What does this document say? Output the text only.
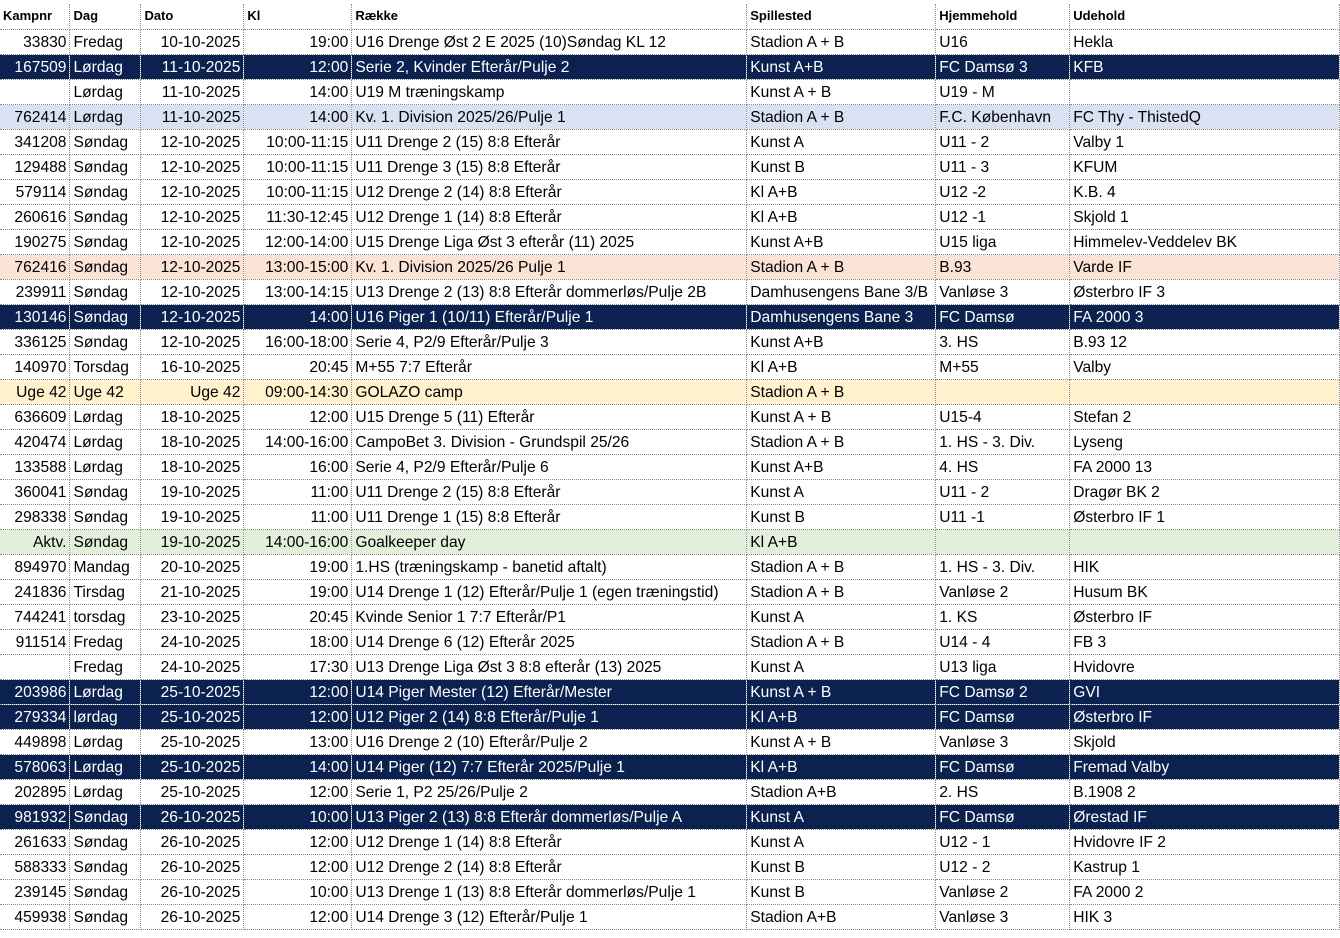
Kampnr	Dag	Dato	Kl	Række	Spillested	Hjemmehold	Udehold
33830	Fredag	10-10-2025	19:00	U16 Drenge Øst 2 E 2025 (10)Søndag KL 12	Stadion A + B	U16	Hekla
167509	Lørdag	11-10-2025	12:00	Serie 2, Kvinder Efterår/Pulje 2	Kunst A+B	FC Damsø 3	KFB
	Lørdag	11-10-2025	14:00	U19 M træningskamp	Kunst A + B	U19 - M	
762414	Lørdag	11-10-2025	14:00	Kv. 1. Division 2025/26/Pulje 1	Stadion A + B	F.C. København	FC Thy - ThistedQ
341208	Søndag	12-10-2025	10:00-11:15	U11 Drenge 2 (15) 8:8 Efterår	Kunst A	U11 - 2	Valby 1
129488	Søndag	12-10-2025	10:00-11:15	U11 Drenge 3 (15) 8:8 Efterår	Kunst B	U11 - 3	KFUM
579114	Søndag	12-10-2025	10:00-11:15	U12 Drenge 2 (14) 8:8 Efterår	Kl A+B	U12 -2	K.B. 4
260616	Søndag	12-10-2025	11:30-12:45	U12 Drenge 1 (14) 8:8 Efterår	Kl A+B	U12 -1	Skjold 1
190275	Søndag	12-10-2025	12:00-14:00	U15 Drenge Liga Øst 3 efterår (11) 2025	Kunst A+B	U15 liga	Himmelev-Veddelev BK
762416	Søndag	12-10-2025	13:00-15:00	Kv. 1. Division 2025/26 Pulje 1	Stadion A + B	B.93	Varde IF
239911	Søndag	12-10-2025	13:00-14:15	U13 Drenge 2 (13) 8:8 Efterår dommerløs/Pulje 2B	Damhusengens Bane 3/B	Vanløse 3	Østerbro IF 3
130146	Søndag	12-10-2025	14:00	U16 Piger 1 (10/11) Efterår/Pulje 1	Damhusengens Bane 3	FC Damsø	FA 2000 3
336125	Søndag	12-10-2025	16:00-18:00	Serie 4, P2/9 Efterår/Pulje 3	Kunst A+B	3. HS	B.93 12
140970	Torsdag	16-10-2025	20:45	M+55 7:7 Efterår	Kl A+B	M+55	Valby
Uge 42	Uge 42	Uge 42	09:00-14:30	GOLAZO camp	Stadion A + B		
636609	Lørdag	18-10-2025	12:00	U15 Drenge 5 (11) Efterår	Kunst A + B	U15-4	Stefan 2
420474	Lørdag	18-10-2025	14:00-16:00	CampoBet 3. Division - Grundspil 25/26	Stadion A + B	1. HS - 3. Div.	Lyseng
133588	Lørdag	18-10-2025	16:00	Serie 4, P2/9 Efterår/Pulje 6	Kunst A+B	4. HS	FA 2000 13
360041	Søndag	19-10-2025	11:00	U11 Drenge 2 (15) 8:8 Efterår	Kunst A	U11 - 2	Dragør BK 2
298338	Søndag	19-10-2025	11:00	U11 Drenge 1 (15) 8:8 Efterår	Kunst B	U11 -1	Østerbro IF 1
Aktv.	Søndag	19-10-2025	14:00-16:00	Goalkeeper day	Kl A+B		
894970	Mandag	20-10-2025	19:00	1.HS (træningskamp - banetid aftalt)	Stadion A + B	1. HS - 3. Div.	HIK
241836	Tirsdag	21-10-2025	19:00	U14 Drenge 1 (12) Efterår/Pulje 1 (egen træningstid)	Stadion A + B	Vanløse 2	Husum BK
744241	torsdag	23-10-2025	20:45	Kvinde Senior 1 7:7 Efterår/P1	Kunst A	1. KS	Østerbro IF
911514	Fredag	24-10-2025	18:00	U14 Drenge 6 (12) Efterår 2025	Stadion A + B	U14 - 4	FB 3
	Fredag	24-10-2025	17:30	U13 Drenge Liga Øst 3 8:8 efterår (13) 2025	Kunst A	U13 liga	Hvidovre
203986	Lørdag	25-10-2025	12:00	U14 Piger Mester (12) Efterår/Mester	Kunst A + B	FC Damsø 2	GVI
279334	lørdag	25-10-2025	12:00	U12 Piger 2 (14) 8:8 Efterår/Pulje 1	Kl A+B	FC Damsø	Østerbro IF
449898	Lørdag	25-10-2025	13:00	U16 Drenge 2 (10) Efterår/Pulje 2	Kunst A + B	Vanløse 3	Skjold
578063	Lørdag	25-10-2025	14:00	U14 Piger (12) 7:7 Efterår 2025/Pulje 1	Kl A+B	FC Damsø	Fremad Valby
202895	Lørdag	25-10-2025	12:00	Serie 1, P2 25/26/Pulje 2	Stadion A+B	2. HS	B.1908 2
981932	Søndag	26-10-2025	10:00	U13 Piger 2 (13) 8:8 Efterår dommerløs/Pulje A	Kunst A	FC Damsø	Ørestad IF
261633	Søndag	26-10-2025	12:00	U12 Drenge 1 (14) 8:8 Efterår	Kunst A	U12 - 1	Hvidovre IF 2
588333	Søndag	26-10-2025	12:00	U12 Drenge 2 (14) 8:8 Efterår	Kunst B	U12 - 2	Kastrup 1
239145	Søndag	26-10-2025	10:00	U13 Drenge 1 (13) 8:8 Efterår dommerløs/Pulje 1	Kunst B	Vanløse 2	FA 2000 2
459938	Søndag	26-10-2025	12:00	U14 Drenge 3 (12) Efterår/Pulje 1	Stadion A+B	Vanløse 3	HIK 3
